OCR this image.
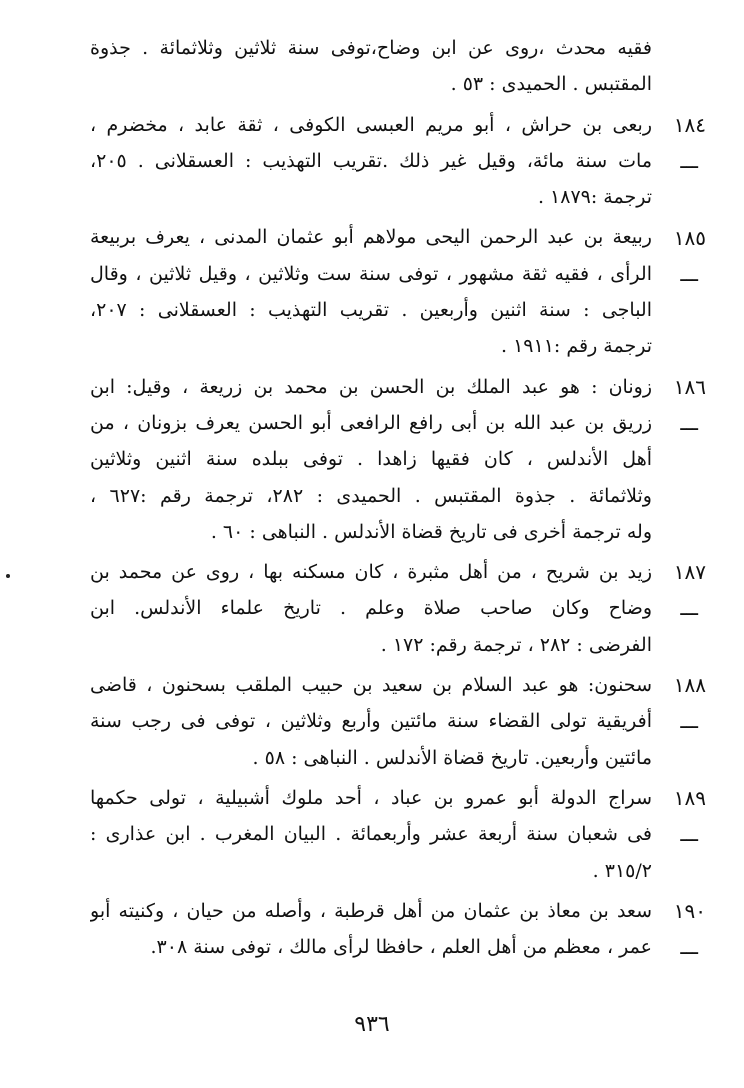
فقيه محدث ،روى عن ابن وضاح،توفى سنة ثلاثين وثلاثمائة . جذوة
المقتبس . الحميدى : ٥٣ .
ربعى بن حراش ، أبو مريم العبسى الكوفى ، ثقة عابد ، مخضرم ،
مات سنة مائة، وقيل غير ذلك .تقريب التهذيب : العسقلانى . ٢٠٥،
ترجمة :١٨٧٩ .
ربيعة بن عبد الرحمن اليحى مولاهم أبو عثمان المدنى ، يعرف بربيعة
الرأى ، فقيه ثقة مشهور ، توفى سنة ست وثلاثين ، وقيل ثلاثين ، وقال
الباجى : سنة اثنين وأربعين . تقريب التهذيب : العسقلانى : ٢٠٧،
ترجمة رقم :١٩١١ .
زونان : هو عبد الملك بن الحسن بن محمد بن زريعة ، وقيل: ابن
زريق بن عبد الله بن أبى رافع الرافعى أبو الحسن يعرف بزونان ، من
أهل الأندلس ، كان فقيها زاهدا . توفى ببلده سنة اثنين وثلاثين
وثلاثمائة . جذوة المقتبس . الحميدى : ٢٨٢، ترجمة رقم :٦٢٧ ،
وله ترجمة أخرى فى تاريخ قضاة الأندلس . النباهى : ٦٠ .
زيد بن شريح ، من أهل مثبرة ، كان مسكنه بها ، روى عن محمد بن
وضاح وكان صاحب صلاة وعلم . تاريخ علماء الأندلس. ابن
الفرضى : ٢٨٢ ، ترجمة رقم: ١٧٢ .
سحنون: هو عبد السلام بن سعيد بن حبيب الملقب بسحنون ، قاضى
أفريقية تولى القضاء سنة مائتين وأربع وثلاثين ، توفى فى رجب سنة
مائتين وأربعين. تاريخ قضاة الأندلس . النباهى : ٥٨ .
سراج الدولة أبو عمرو بن عباد ، أحد ملوك أشبيلية ، تولى حكمها
فى شعبان سنة أربعة عشر وأربعمائة . البيان المغرب . ابن عذارى :
٣١٥/٢ .
سعد بن معاذ بن عثمان من أهل قرطبة ، وأصله من حيان ، وكنيته أبو
عمر ، معظم من أهل العلم ، حافظا لرأى مالك ، توفى سنة ٣٠٨.
١٨٤ـــ
١٨٥ـــ
١٨٦ـــ
١٨٧ـــ
١٨٨ـــ
١٨٩ـــ
١٩٠ـــ
٩٣٦
